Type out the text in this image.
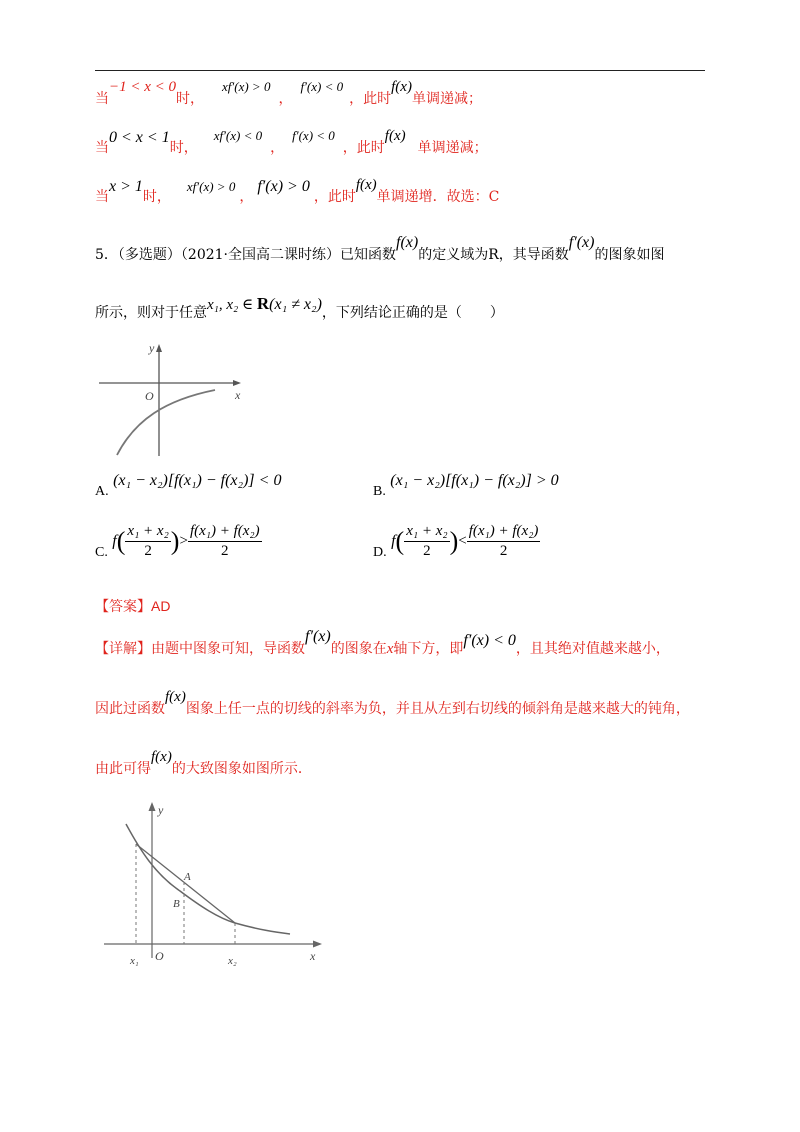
当−1 < x < 0时，xf′(x) > 0，f′(x) < 0，此时f(x)单调递减；
当0 < x < 1时，xf′(x) < 0，f′(x) < 0，此时f(x)单调递减；
当x > 1时，xf′(x) > 0，f′(x) > 0，此时f(x)单调递增．故选：C
5．（多选题）（2021·全国高二课时练）已知函数f(x)的定义域为R，其导函数f′(x)的图象如图
所示，则对于任意x₁, x₂ ∈ R(x₁ ≠ x₂)，下列结论正确的是（　　）
y
x
O
A. (x₁ − x₂)[f(x₁) − f(x₂)] < 0
B. (x₁ − x₂)[f(x₁) − f(x₂)] > 0
C. $f( \frac{\text{x₁ + x₂}}{2}$ )> $\frac{\text{f(x₁) + f(x₂)}}{2}$	D. $f( \frac{\text{x₁ + x₂}}{2}$ )< $\frac{\text{f(x₁) + f(x₂)}}{2}$
【答案】AD
【详解】由题中图象可知，导函数f′(x)的图象在x轴下方，即f′(x) < 0，且其绝对值越来越小，
因此过函数f(x)图象上任一点的切线的斜率为负，并且从左到右切线的倾斜角是越来越大的钝角，
由此可得f(x)的大致图象如图所示．
y
x
O
x₁	x₂
A
B
